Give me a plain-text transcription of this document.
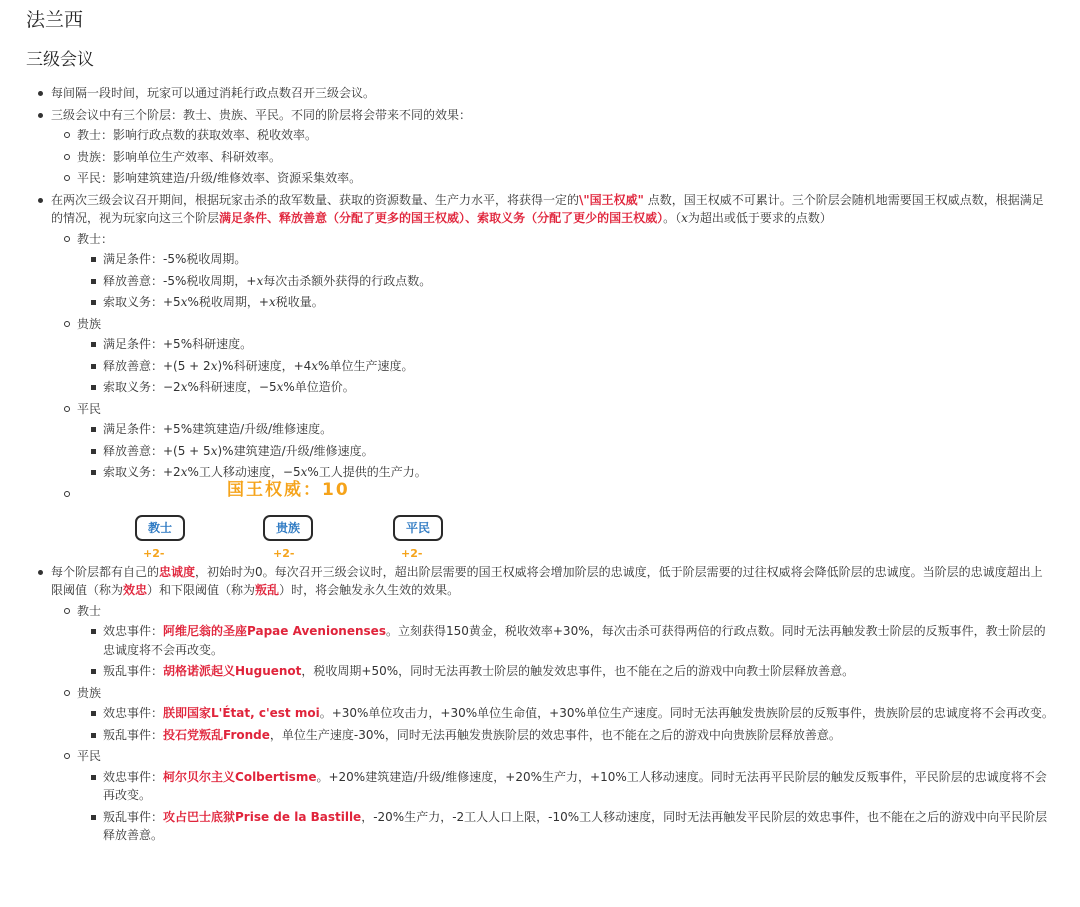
法兰西
三级会议
每间隔一段时间，玩家可以通过消耗行政点数召开三级会议。
三级会议中有三个阶层：教士、贵族、平民。不同的阶层将会带来不同的效果：
教士：影响行政点数的获取效率、税收效率。
贵族：影响单位生产效率、科研效率。
平民：影响建筑建造/升级/维修效率、资源采集效率。
在两次三级会议召开期间，根据玩家击杀的敌军数量、获取的资源数量、生产力水平，将获得一定的\"国王权威" 点数，国王权威不可累计。三个阶层会随机地需要国王权威点数，根据满足的情况，视为玩家向这三个阶层满足条件、释放善意（分配了更多的国王权威）、索取义务（分配了更少的国王权威）。（x为超出或低于要求的点数）
教士：
满足条件：-5%税收周期。
释放善意：-5%税收周期，+x每次击杀额外获得的行政点数。
索取义务：+5x%税收周期，+x税收量。
贵族
满足条件：+5%科研速度。
释放善意：+(5 + 2x)%科研速度，+4x%单位生产速度。
索取义务：−2x%科研速度，−5x%单位造价。
平民
满足条件：+5%建筑建造/升级/维修速度。
释放善意：+(5 + 5x)%建筑建造/升级/维修速度。
索取义务：+2x%工人移动速度，−5x%工人提供的生产力。
国王权威：10
教士
+2-
贵族
+2-
平民
+2-
每个阶层都有自己的忠诚度，初始时为0。每次召开三级会议时，超出阶层需要的国王权威将会增加阶层的忠诚度，低于阶层需要的过往权威将会降低阶层的忠诚度。当阶层的忠诚度超出上限阈值（称为效忠）和下限阈值（称为叛乱）时，将会触发永久生效的效果。
教士
效忠事件：阿维尼翁的圣座Papae Avenionenses。立刻获得150黄金，税收效率+30%，每次击杀可获得两倍的行政点数。同时无法再触发教士阶层的反叛事件，教士阶层的忠诚度将不会再改变。
叛乱事件：胡格诺派起义Huguenot，税收周期+50%，同时无法再教士阶层的触发效忠事件，也不能在之后的游戏中向教士阶层释放善意。
贵族
效忠事件：朕即国家L'État, c'est moi。+30%单位攻击力，+30%单位生命值，+30%单位生产速度。同时无法再触发贵族阶层的反叛事件，贵族阶层的忠诚度将不会再改变。
叛乱事件：投石党叛乱Fronde，单位生产速度-30%，同时无法再触发贵族阶层的效忠事件，也不能在之后的游戏中向贵族阶层释放善意。
平民
效忠事件：柯尔贝尔主义Colbertisme。+20%建筑建造/升级/维修速度，+20%生产力，+10%工人移动速度。同时无法再平民阶层的触发反叛事件，平民阶层的忠诚度将不会再改变。
叛乱事件：攻占巴士底狱Prise de la Bastille，-20%生产力，-2工人人口上限，-10%工人移动速度，同时无法再触发平民阶层的效忠事件，也不能在之后的游戏中向平民阶层释放善意。
